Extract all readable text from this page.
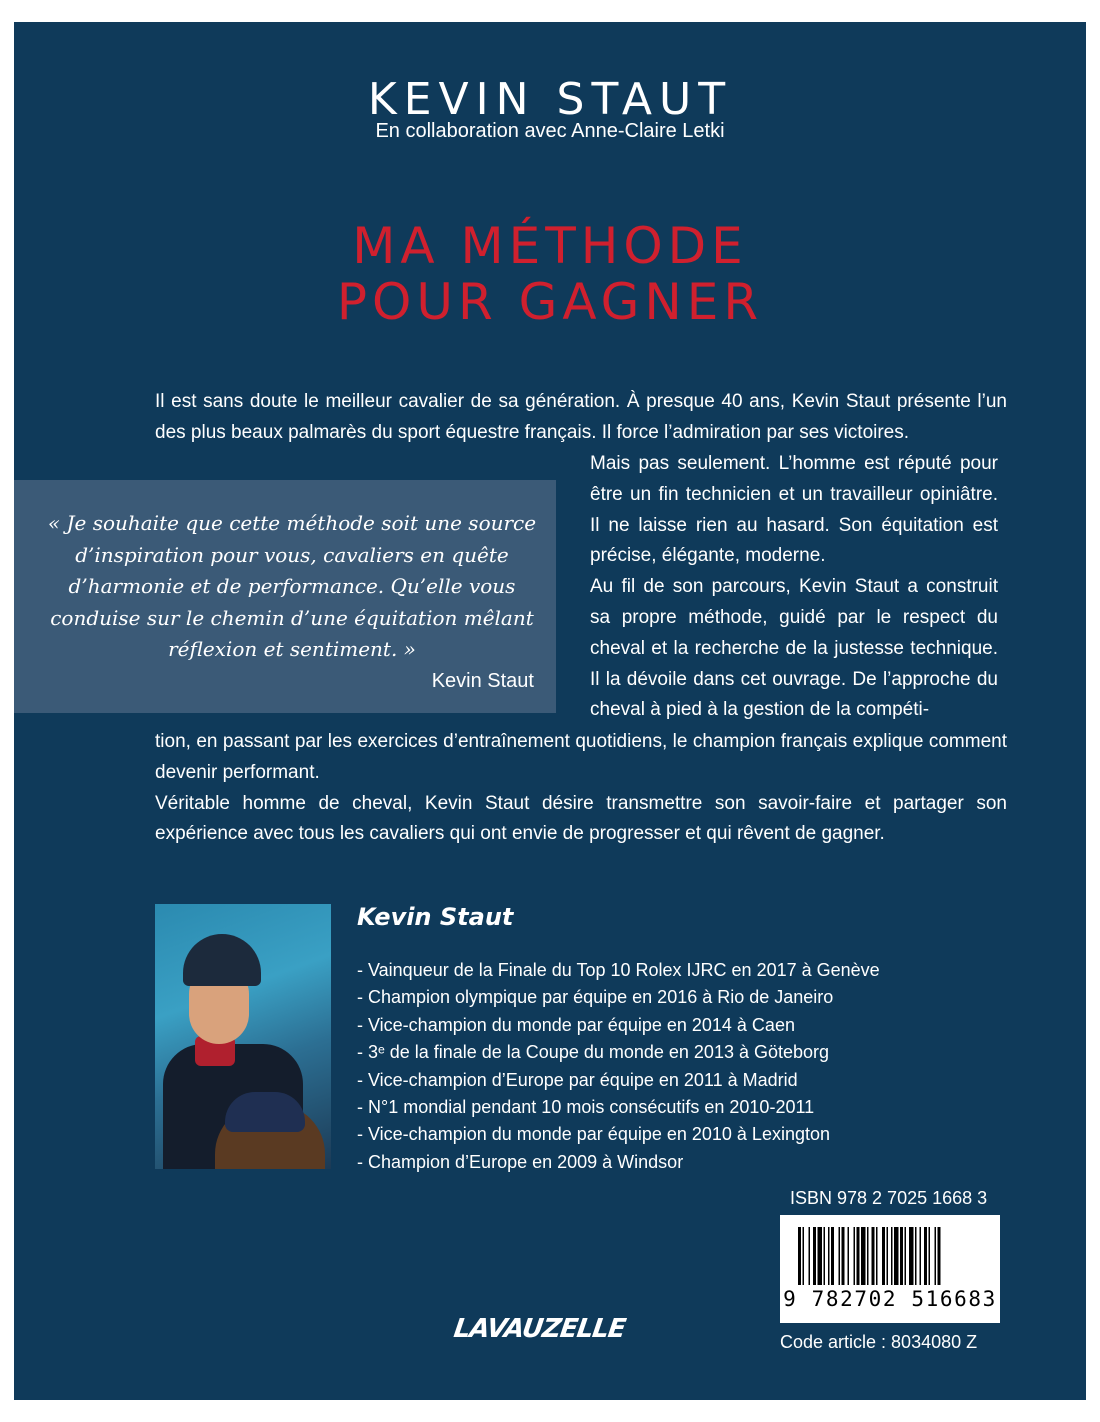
KEVIN STAUT
En collaboration avec Anne-Claire Letki
MA MÉTHODE
POUR GAGNER

Il est sans doute le meilleur cavalier de sa génération. À presque 40 ans, Kevin Staut présente l’un des plus beaux palmarès du sport équestre français. Il force l’admiration par ses victoires.

Mais pas seulement. L’homme est réputé pour être un fin technicien et un travailleur opiniâtre. Il ne laisse rien au hasard. Son équitation est précise, élégante, moderne.

Au fil de son parcours, Kevin Staut a construit sa propre méthode, guidé par le respect du cheval et la recherche de la justesse technique. Il la dévoile dans cet ouvrage. De l’approche du cheval à pied à la gestion de la compéti-

« Je souhaite que cette méthode soit une source d’inspiration pour vous, cavaliers en quête d’harmonie et de performance. Qu’elle vous conduise sur le chemin d’une équitation mêlant réflexion et sentiment. »
Kevin Staut

tion, en passant par les exercices d’entraînement quotidiens, le champion français explique comment devenir performant.

Véritable homme de cheval, Kevin Staut désire transmettre son savoir-faire et partager son expérience avec tous les cavaliers qui ont envie de progresser et qui rêvent de gagner.

Kevin Staut
- Vainqueur de la Finale du Top 10 Rolex IJRC en 2017 à Genève
- Champion olympique par équipe en 2016 à Rio de Janeiro
- Vice-champion du monde par équipe en 2014 à Caen
- 3ᵉ de la finale de la Coupe du monde en 2013 à Göteborg
- Vice-champion d’Europe par équipe en 2011 à Madrid
- N°1 mondial pendant 10 mois consécutifs en 2010-2011
- Vice-champion du monde par équipe en 2010 à Lexington
- Champion d’Europe en 2009 à Windsor
ISBN 978 2 7025 1668 3
9 782702 516683
Code article : 8034080 Z
LAVAUZELLE
